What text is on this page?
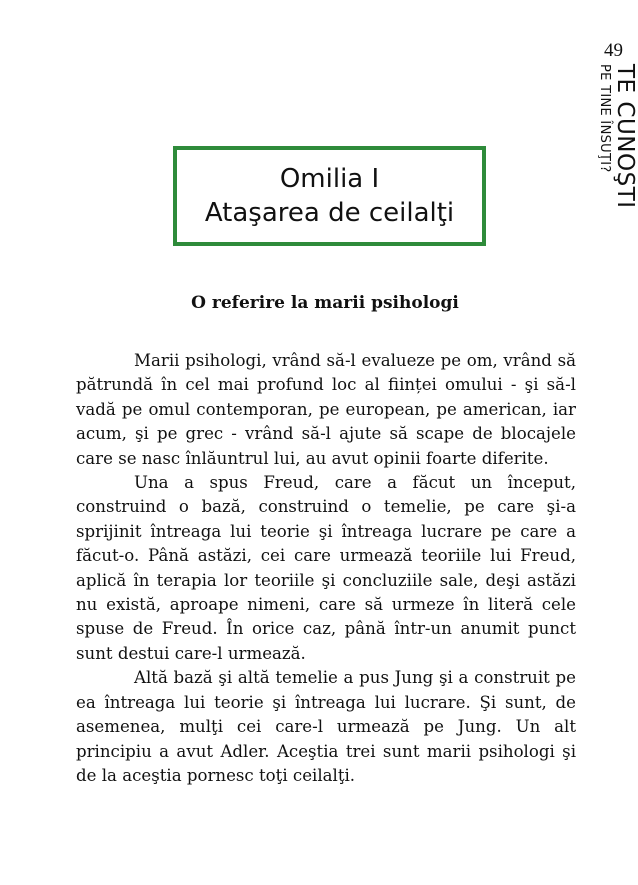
49
TE CUNOŞTI
PE TINE ÎNSUŢI?
Omilia I
Ataşarea de ceilalţi
O referire la marii psihologi

Marii psihologi, vrând să-l evalueze pe om, vrând să pătrundă în cel mai profund loc al ființei omului - şi să-l vadă pe omul contemporan, pe european, pe american, iar acum, şi pe grec - vrând să-l ajute să scape de blocajele care se nasc înlăuntrul lui, au avut opinii foarte diferite.

Una a spus Freud, care a făcut un început, construind o bază, construind o temelie, pe care şi-a sprijinit întreaga lui teorie şi întreaga lucrare pe care a făcut-o. Până astăzi, cei care urmează teoriile lui Freud, aplică în terapia lor teoriile şi concluziile sale, deşi astăzi nu există, aproape nimeni, care să urmeze în literă cele spuse de Freud. În orice caz, până într-un anumit punct sunt destui care-l urmează.

Altă bază şi altă temelie a pus Jung şi a construit pe ea întreaga lui teorie şi întreaga lui lucrare. Şi sunt, de asemenea, mulţi cei care-l urmează pe Jung. Un alt principiu a avut Adler. Aceştia trei sunt marii psihologi şi de la aceştia pornesc toţi ceilalţi.
